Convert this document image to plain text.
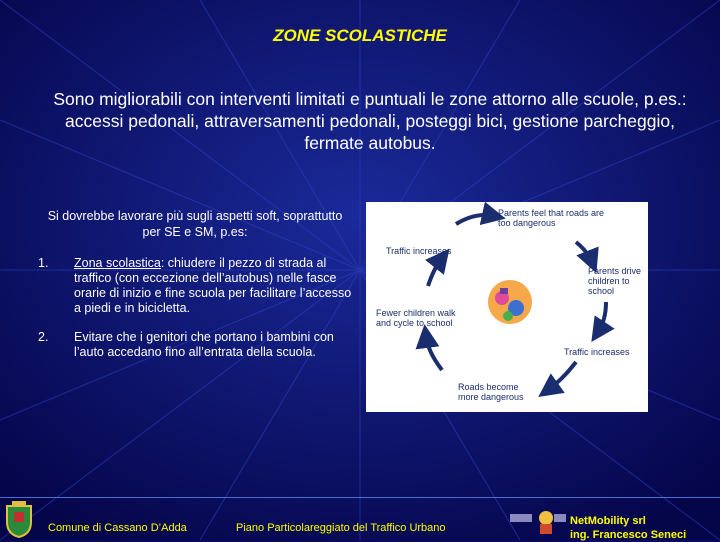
ZONE SCOLASTICHE
Sono migliorabili con interventi limitati e puntuali le zone attorno alle scuole, p.es.: accessi pedonali, attraversamenti pedonali, posteggi bici, gestione parcheggio, fermate autobus.
Si dovrebbe lavorare più sugli aspetti soft, soprattutto per SE e SM, p.es:
1. Zona scolastica: chiudere il pezzo di strada al traffico (con eccezione dell’autobus) nelle fasce orarie di inizio e fine scuola per facilitare l’accesso a piedi e in bicicletta.
2. Evitare che i genitori che portano i bambini con l’auto accedano fino all’entrata della scuola.
Parents feel that roads are too dangerous
Traffic increases
Parents drive children to school
Fewer children walk and cycle to school
Traffic increases
Roads become more dangerous
Comune di Cassano D’Adda	Piano Particolareggiato del Traffico Urbano
NetMobility srl
ing. Francesco Seneci
